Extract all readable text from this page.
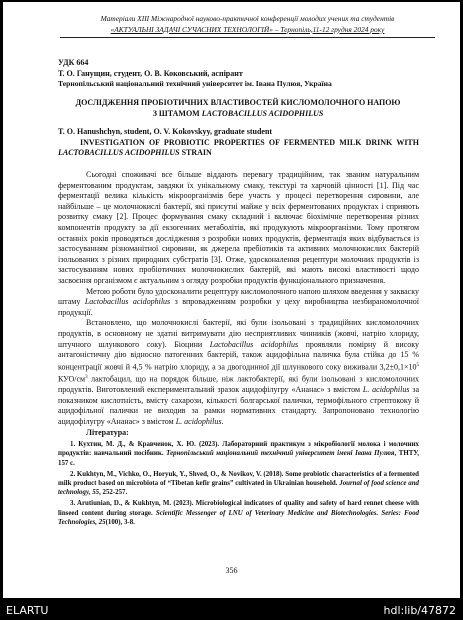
Матеріали XIII Міжнародної науково-практичної конференції молодих учених та студентів
«АКТУАЛЬНІ ЗАДАЧІ СУЧАСНИХ ТЕХНОЛОГІЙ» – Тернопіль,11-12 грудня 2024 року
УДК 664
Т. О. Ганущин, студент, О. В. Коковський, аспірант
Тернопільський національний технічний університет ім. Івана Пулюя, Україна
ДОСЛІДЖЕННЯ ПРОБІОТИЧНИХ ВЛАСТИВОСТЕЙ КИСЛОМОЛОЧНОГО НАПОЮ З ШТАМОМ LACTOBACILLUS ACIDOPHILUS
T. O. Hanushchyn, student, O. V. Kokovskyy, graduate student
INVESTIGATION OF PROBIOTIC PROPERTIES OF FERMENTED MILK DRINK WITH LACTOBACILLUS ACIDOPHILUS STRAIN

Сьогодні споживачі все більше віддають перевагу традиційним, так званим натуральним ферментованим продуктам, завдяки їх унікальному смаку, текстурі та харчовій цінності [1]. Під час ферментації велика кількість мікроорганізмів бере участь у процесі перетворення сировини, але найбільше – це молочнокислі бактерії, які присутні майже у всіх ферментованих продуктах і сприяють розвитку смаку [2]. Процес формування смаку складний і включає біохімічне перетворення різних компонентів продукту за дії екзогенних метаболітів, які продукують мікроорганізми. Тому протягом останніх років проводяться дослідження з розробки нових продуктів, ферментація яких відбувається із застосуванням різноманітної сировини, як джерела пребіотиків та активних молочнокислих бактерій ізольованих з різних природних субстратів [3]. Отже, удосконалення рецептури молочних продуктів із застосуванням нових пробіотичних молочнокислих бактерій, які мають високі властивості щодо засвоєння організмом є актуальним з огляду розробки продуктів функціонального призначення.

Метою роботи було удосконалити рецептуру кисломолочного напою шляхом введення у закваску штаму Lactobacillus acidophilus з впровадженням розробки у цеху виробництва незбираномолочної продукції.

Встановлено, що молочнокислі бактерії, які були ізольовані з традиційних кисломолочних продуктів, в основному не здатні витримувати дію несприятливих чинників (жовчі, натрію хлориду, штучного шлункового соку). Біоцини Lactobacillus acidophilus проявляли помірну й високу антагоністичну дію відносно патогенних бактерій, також ацидофільна паличка була стійка до 15 % концентрації жовчі й 4,5 % натрію хлориду, а за двогодинної дії шлункового соку виживали $3,2\pm 0,1\times 10^5$ КУО/$см^3$ лактобацил, що на порядок більше, ніж лактобактерії, які були ізольовані з кисломолочних продуктів. Виготовлений експериментальний зразок ацидофілугру «Ананас» з вмістом L. acidophilus за показником кислотність, вмісту сахарози, кількості болгарської палички, термофільного стрептококу й ацидофільної палички не виходив за рамки нормативних стандарту. Запропоновано технологію ацидофілугру «Ананас» з вмістом L. acidophilus.

Література:
1. Кухтин, М. Д., & Кравченок, Х. Ю. (2023). Лабораторний практикум з мікробіології молока і молочних продуктів: навчальний посібник. Тернопільський національний технічний університет імені Івана Пулюя, ТНТУ, 157 с.
2. Kukhtyn, M., Vichko, O., Horyuk, Y., Shved, O., & Novikov, V. (2018). Some probiotic characteristics of a fermented milk product based on microbiota of “Tibetan kefir grains” cultivated in Ukrainian household. Journal of food science and technology, 55, 252-257.
3. Arutiunian, D., & Kukhtyn, M. (2023). Microbiological indicators of quality and safety of hard rennet cheese with linseed content during storage. Scientific Messenger of LNU of Veterinary Medicine and Biotechnologies. Series: Food Technologies, 25(100), 3-8.
356
ELARTU	hdl:lib/47872
